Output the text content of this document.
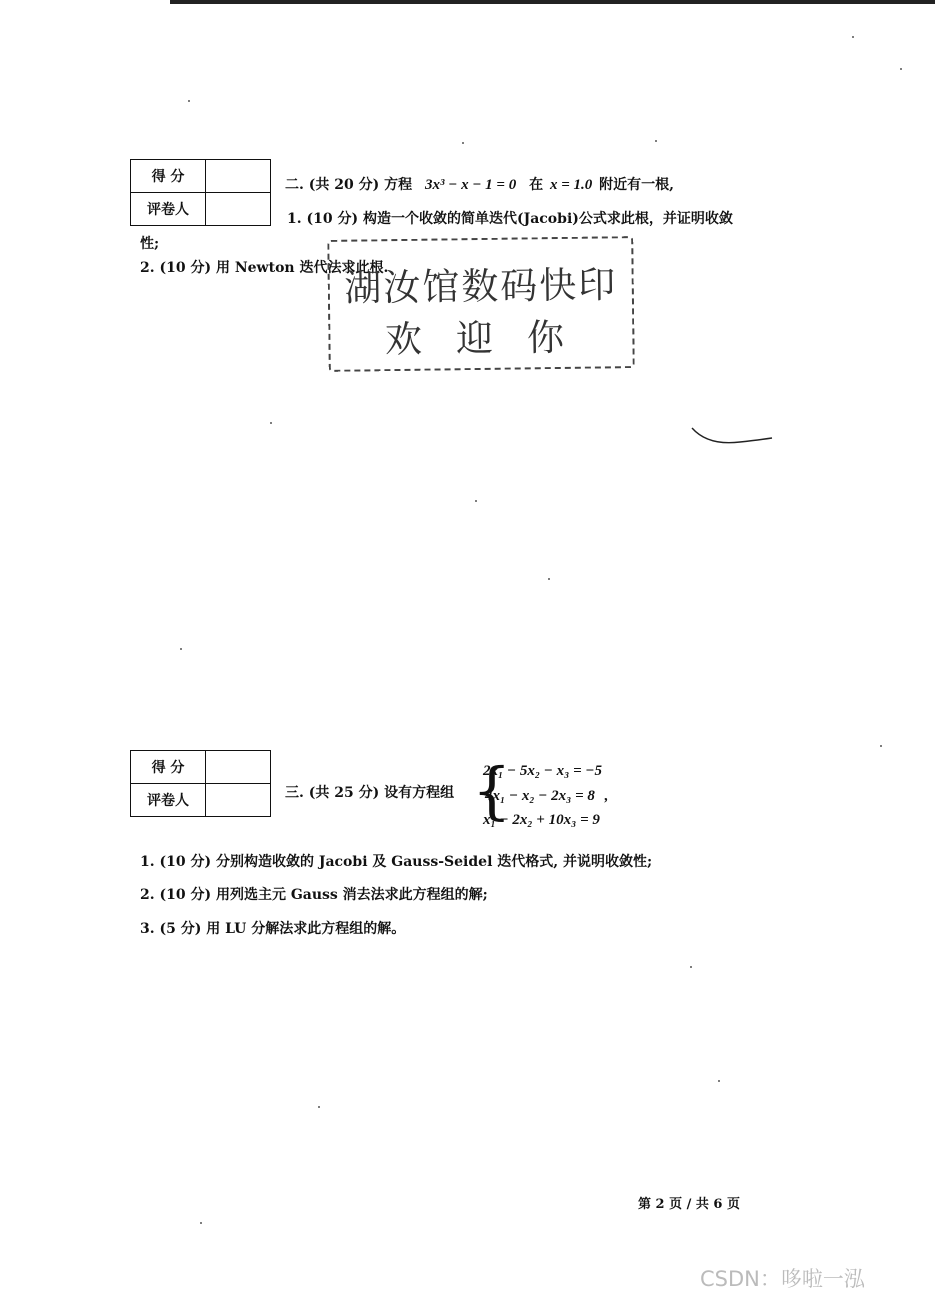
得 分	
评卷人	
二. (共 20 分) 方程 3x³ − x − 1 = 0 在 x = 1.0 附近有一根,
1. (10 分) 构造一个收敛的简单迭代(Jacobi)公式求此根，并证明收敛
性;
2. (10 分) 用 Newton 迭代法求此根.
湖汝馆数码快印
欢迎你
得 分	
评卷人		三. (共 25 分) 设有方程组 {
2x₁ − 5x₂ − x₃ = −5
4x₁ − x₂ − 2x₃ = 8 ,
x₁ − 2x₂ + 10x₃ = 9
1. (10 分) 分别构造收敛的 Jacobi 及 Gauss-Seidel 迭代格式, 并说明收敛性;
2. (10 分) 用列选主元 Gauss 消去法求此方程组的解;
3. (5 分) 用 LU 分解法求此方程组的解。
第 2 页 / 共 6 页
CSDN：哆啦一泓
